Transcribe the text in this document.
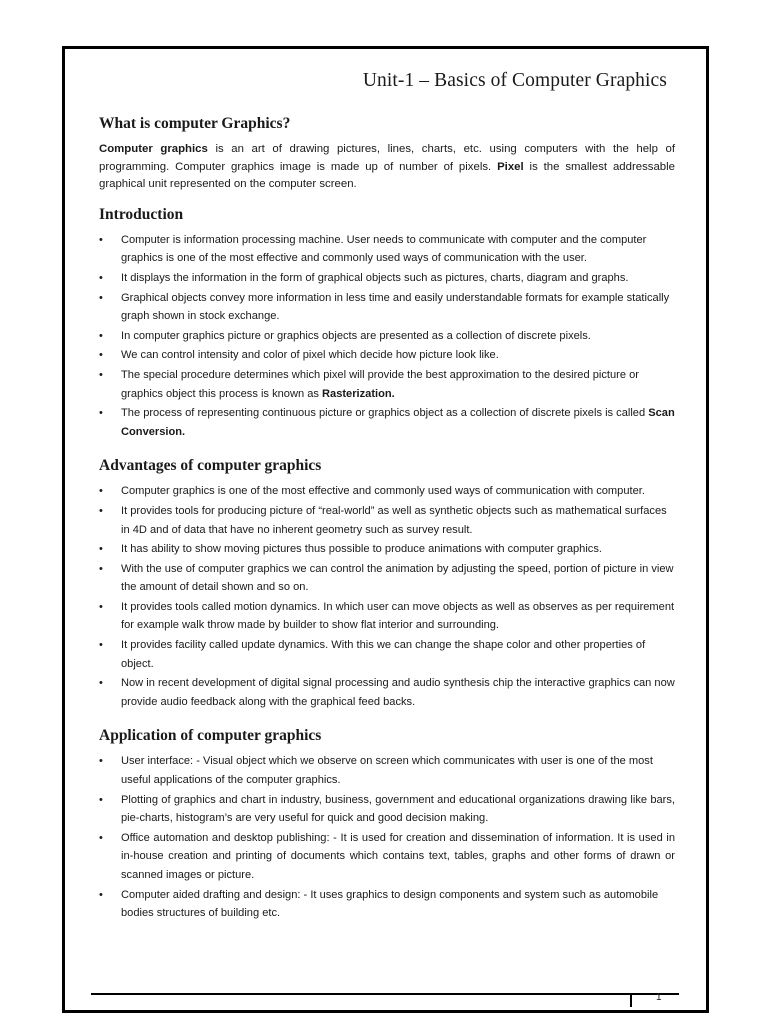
Unit-1 – Basics of Computer Graphics
What is computer Graphics?

Computer graphics is an art of drawing pictures, lines, charts, etc. using computers with the help of programming. Computer graphics image is made up of number of pixels. Pixel is the smallest addressable graphical unit represented on the computer screen.

Introduction
• Computer is information processing machine. User needs to communicate with computer and the computer graphics is one of the most effective and commonly used ways of communication with the user.
• It displays the information in the form of graphical objects such as pictures, charts, diagram and graphs.
• Graphical objects convey more information in less time and easily understandable formats for example statically graph shown in stock exchange.
• In computer graphics picture or graphics objects are presented as a collection of discrete pixels.
• We can control intensity and color of pixel which decide how picture look like.
• The special procedure determines which pixel will provide the best approximation to the desired picture or graphics object this process is known as Rasterization.
• The process of representing continuous picture or graphics object as a collection of discrete pixels is called Scan Conversion.
Advantages of computer graphics
• Computer graphics is one of the most effective and commonly used ways of communication with computer.
• It provides tools for producing picture of “real-world” as well as synthetic objects such as mathematical surfaces in 4D and of data that have no inherent geometry such as survey result.
• It has ability to show moving pictures thus possible to produce animations with computer graphics.
• With the use of computer graphics we can control the animation by adjusting the speed, portion of picture in view the amount of detail shown and so on.
• It provides tools called motion dynamics. In which user can move objects as well as observes as per requirement for example walk throw made by builder to show flat interior and surrounding.
• It provides facility called update dynamics. With this we can change the shape color and other properties of object.
• Now in recent development of digital signal processing and audio synthesis chip the interactive graphics can now provide audio feedback along with the graphical feed backs.
Application of computer graphics
• User interface: - Visual object which we observe on screen which communicates with user is one of the most useful applications of the computer graphics.
• Plotting of graphics and chart in industry, business, government and educational organizations drawing like bars, pie-charts, histogram’s are very useful for quick and good decision making.
• Office automation and desktop publishing: - It is used for creation and dissemination of information. It is used in in-house creation and printing of documents which contains text, tables, graphs and other forms of drawn or scanned images or picture.
• Computer aided drafting and design: - It uses graphics to design components and system such as automobile bodies structures of building etc.
1
